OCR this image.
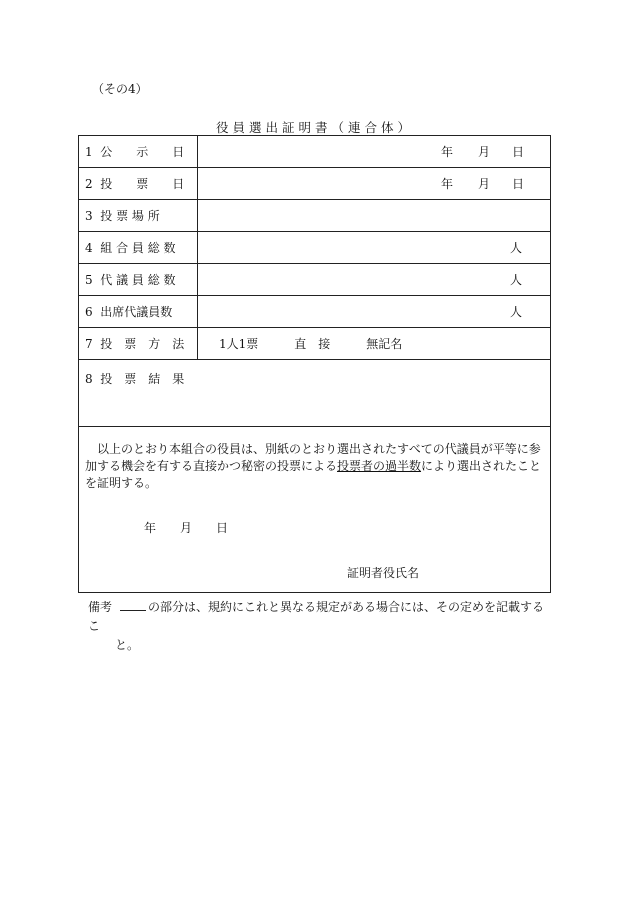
（その4）
役員選出証明書（連合体）
1  公　　示　　日	年 月 日
2  投　　票　　日	年 月 日
3  投 票 場 所
4  組 合 員 総 数	人
5  代 議 員 総 数	人
6  出席代議員数	人
7  投　票　方　法	1人1票	直　接	無記名
8  投　票　結　果
以上のとおり本組合の役員は、別紙のとおり選出されたすべての代議員が平等に参加する機会を有する直接かつ秘密の投票による投票者の過半数により選出されたことを証明する。
年　　月　　日
証明者役氏名
備考	の部分は、規約にこれと異なる規定がある場合には、その定めを記載するこ
と。
